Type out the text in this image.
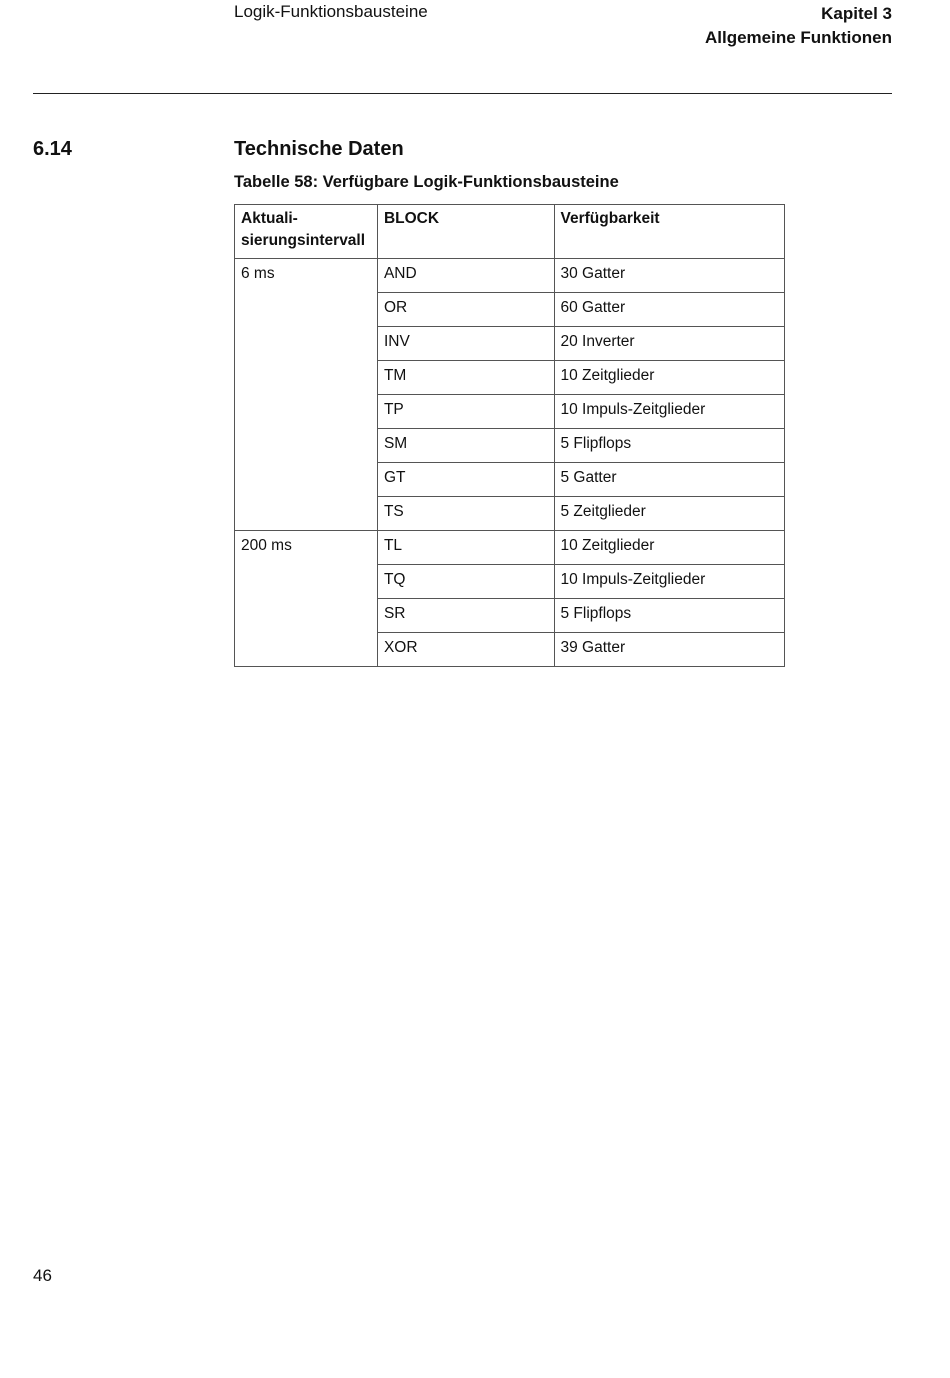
Logik-Funktionsbausteine	Kapitel 3
Allgemeine Funktionen
6.14	Technische Daten
Tabelle 58: Verfügbare Logik-Funktionsbausteine
Aktuali-
sierungsintervall	BLOCK	Verfügbarkeit
6 ms	AND	30 Gatter
	OR	60 Gatter
	INV	20 Inverter
	TM	10 Zeitglieder
	TP	10 Impuls-Zeitglieder
	SM	5 Flipflops
	GT	5 Gatter
	TS	5 Zeitglieder
200 ms	TL	10 Zeitglieder
	TQ	10 Impuls-Zeitglieder
	SR	5 Flipflops
	XOR	39 Gatter
46
